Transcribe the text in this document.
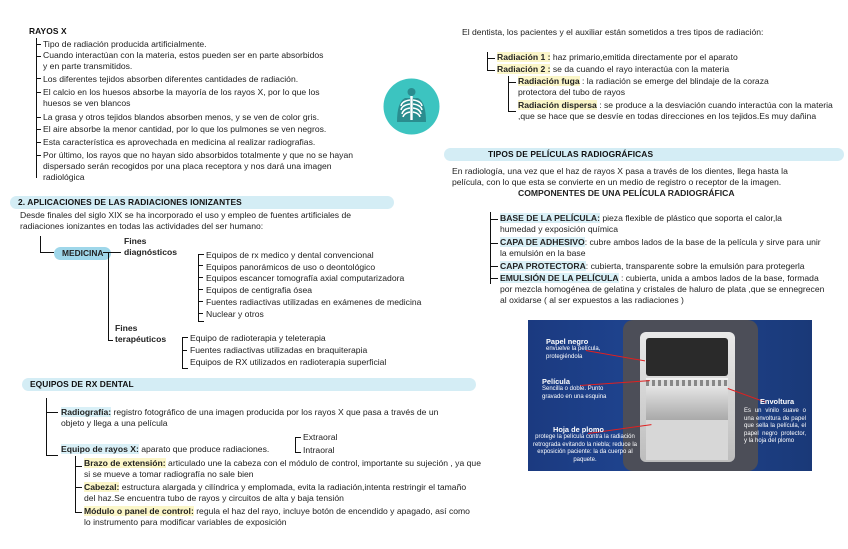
RAYOS X
Tipo de radiación producida artificialmente.
Cuando interactúan con la materia, estos pueden ser en parte absorbidos y en parte transmitidos.
Los diferentes tejidos absorben diferentes cantidades de radiación.
El calcio en los huesos absorbe la mayoría de los rayos X, por lo que los huesos se ven blancos
La grasa y otros tejidos blandos absorben menos, y se ven de color gris.
El aire absorbe la menor cantidad, por lo que los pulmones se ven negros.
Esta característica es aprovechada en medicina al realizar radiografias.
Por último, los rayos que no hayan sido absorbidos totalmente y que no se hayan dispersado serán recogidos por una placa receptora y nos dará una imagen radiológica
2. APLICACIONES DE LAS RADIACIONES IONIZANTES
Desde finales del siglo XIX se ha incorporado el uso y empleo de fuentes artificiales de radiaciones ionizantes en todas las actividades del ser humano:
MEDICINA
Fines diagnósticos	Equipos de rx medico y dental convencional
Equipos panorámicos de uso o deontológico
Equipos escancer tomografía axial computarizadora
Equipos de centigrafia ósea
Fuentes radiactivas utilizadas en exámenes de medicina
Nuclear y otros
Fines terapéuticos	Equipo de radioterapia y teleterapia
Fuentes radiactivas utilizadas en braquiterapia
Equipos de RX utilizados en radioterapia superficial
EQUIPOS DE RX DENTAL
Radiografía: registro fotográfico de una imagen producida por los rayos X que pasa a través de un objeto y llega a una película
Equipo de rayos X: aparato que produce radiaciones.
Extraoral
Intraoral
Brazo de extensión: articulado une la cabeza con el módulo de control, importante su sujeción , ya que si se mueve a tomar radiografía no sale bien
Cabezal: estructura alargada y cilíndrica y emplomada, evita la radiación,intenta restringir el tamaño del haz.Se encuentra tubo de rayos y circuitos de alta y baja tensión
Módulo o panel de control: regula el haz del rayo, incluye botón de encendido y apagado, así como lo instrumento para modificar variables de exposición
El dentista, los pacientes y el auxiliar están sometidos a tres tipos de radiación:
Radiación 1 : haz primario,emitida directamente por el aparato
Radiación 2 : se da cuando el rayo interactúa con la materia
Radiación fuga : la radiación se emerge del blindaje de la coraza protectora del tubo de rayos
Radiación dispersa : se produce a la desviación cuando interactúa con la materia ,que se hace que se desvíe en todas direcciones en los tejidos.Es muy dañina
TIPOS DE PELÍCULAS RADIOGRÁFICAS
En radiología, una vez que el haz de rayos X pasa a través de los dientes, llega hasta la película, con lo que esta se convierte en un medio de registro o receptor de la imagen.
COMPONENTES DE UNA PELÍCULA RADIOGRÁFICA
BASE DE LA PELÍCULA: pieza flexible de plástico que soporta el calor,la humedad y exposición química
CAPA DE ADHESIVO: cubre ambos lados de la base de la película y sirve para unir la emulsión en la base
CAPA PROTECTORA: cubierta, transparente sobre la emulsión para protegerla
EMULSIÓN DE LA PELÍCULA : cubierta, unida a ambos lados de la base, formada por mezcla homogénea de gelatina y cristales de haluro de plata ,que se ennegrecen al oxidarse ( al ser expuestos a las radiaciones )
Papel negro
envuelve la película, protegiéndola
Película
Sencilla o doble. Punto gravado en una esquina
Hoja de plomo
protege la película contra la radiación retrograda evitando la niebla; reduce la exposición paciente: la da cuerpo al paquete.
Envoltura
Es un vinilo suave o una envoltura de papel que sella la película, el papel negro protector, y la hoja del plomo
